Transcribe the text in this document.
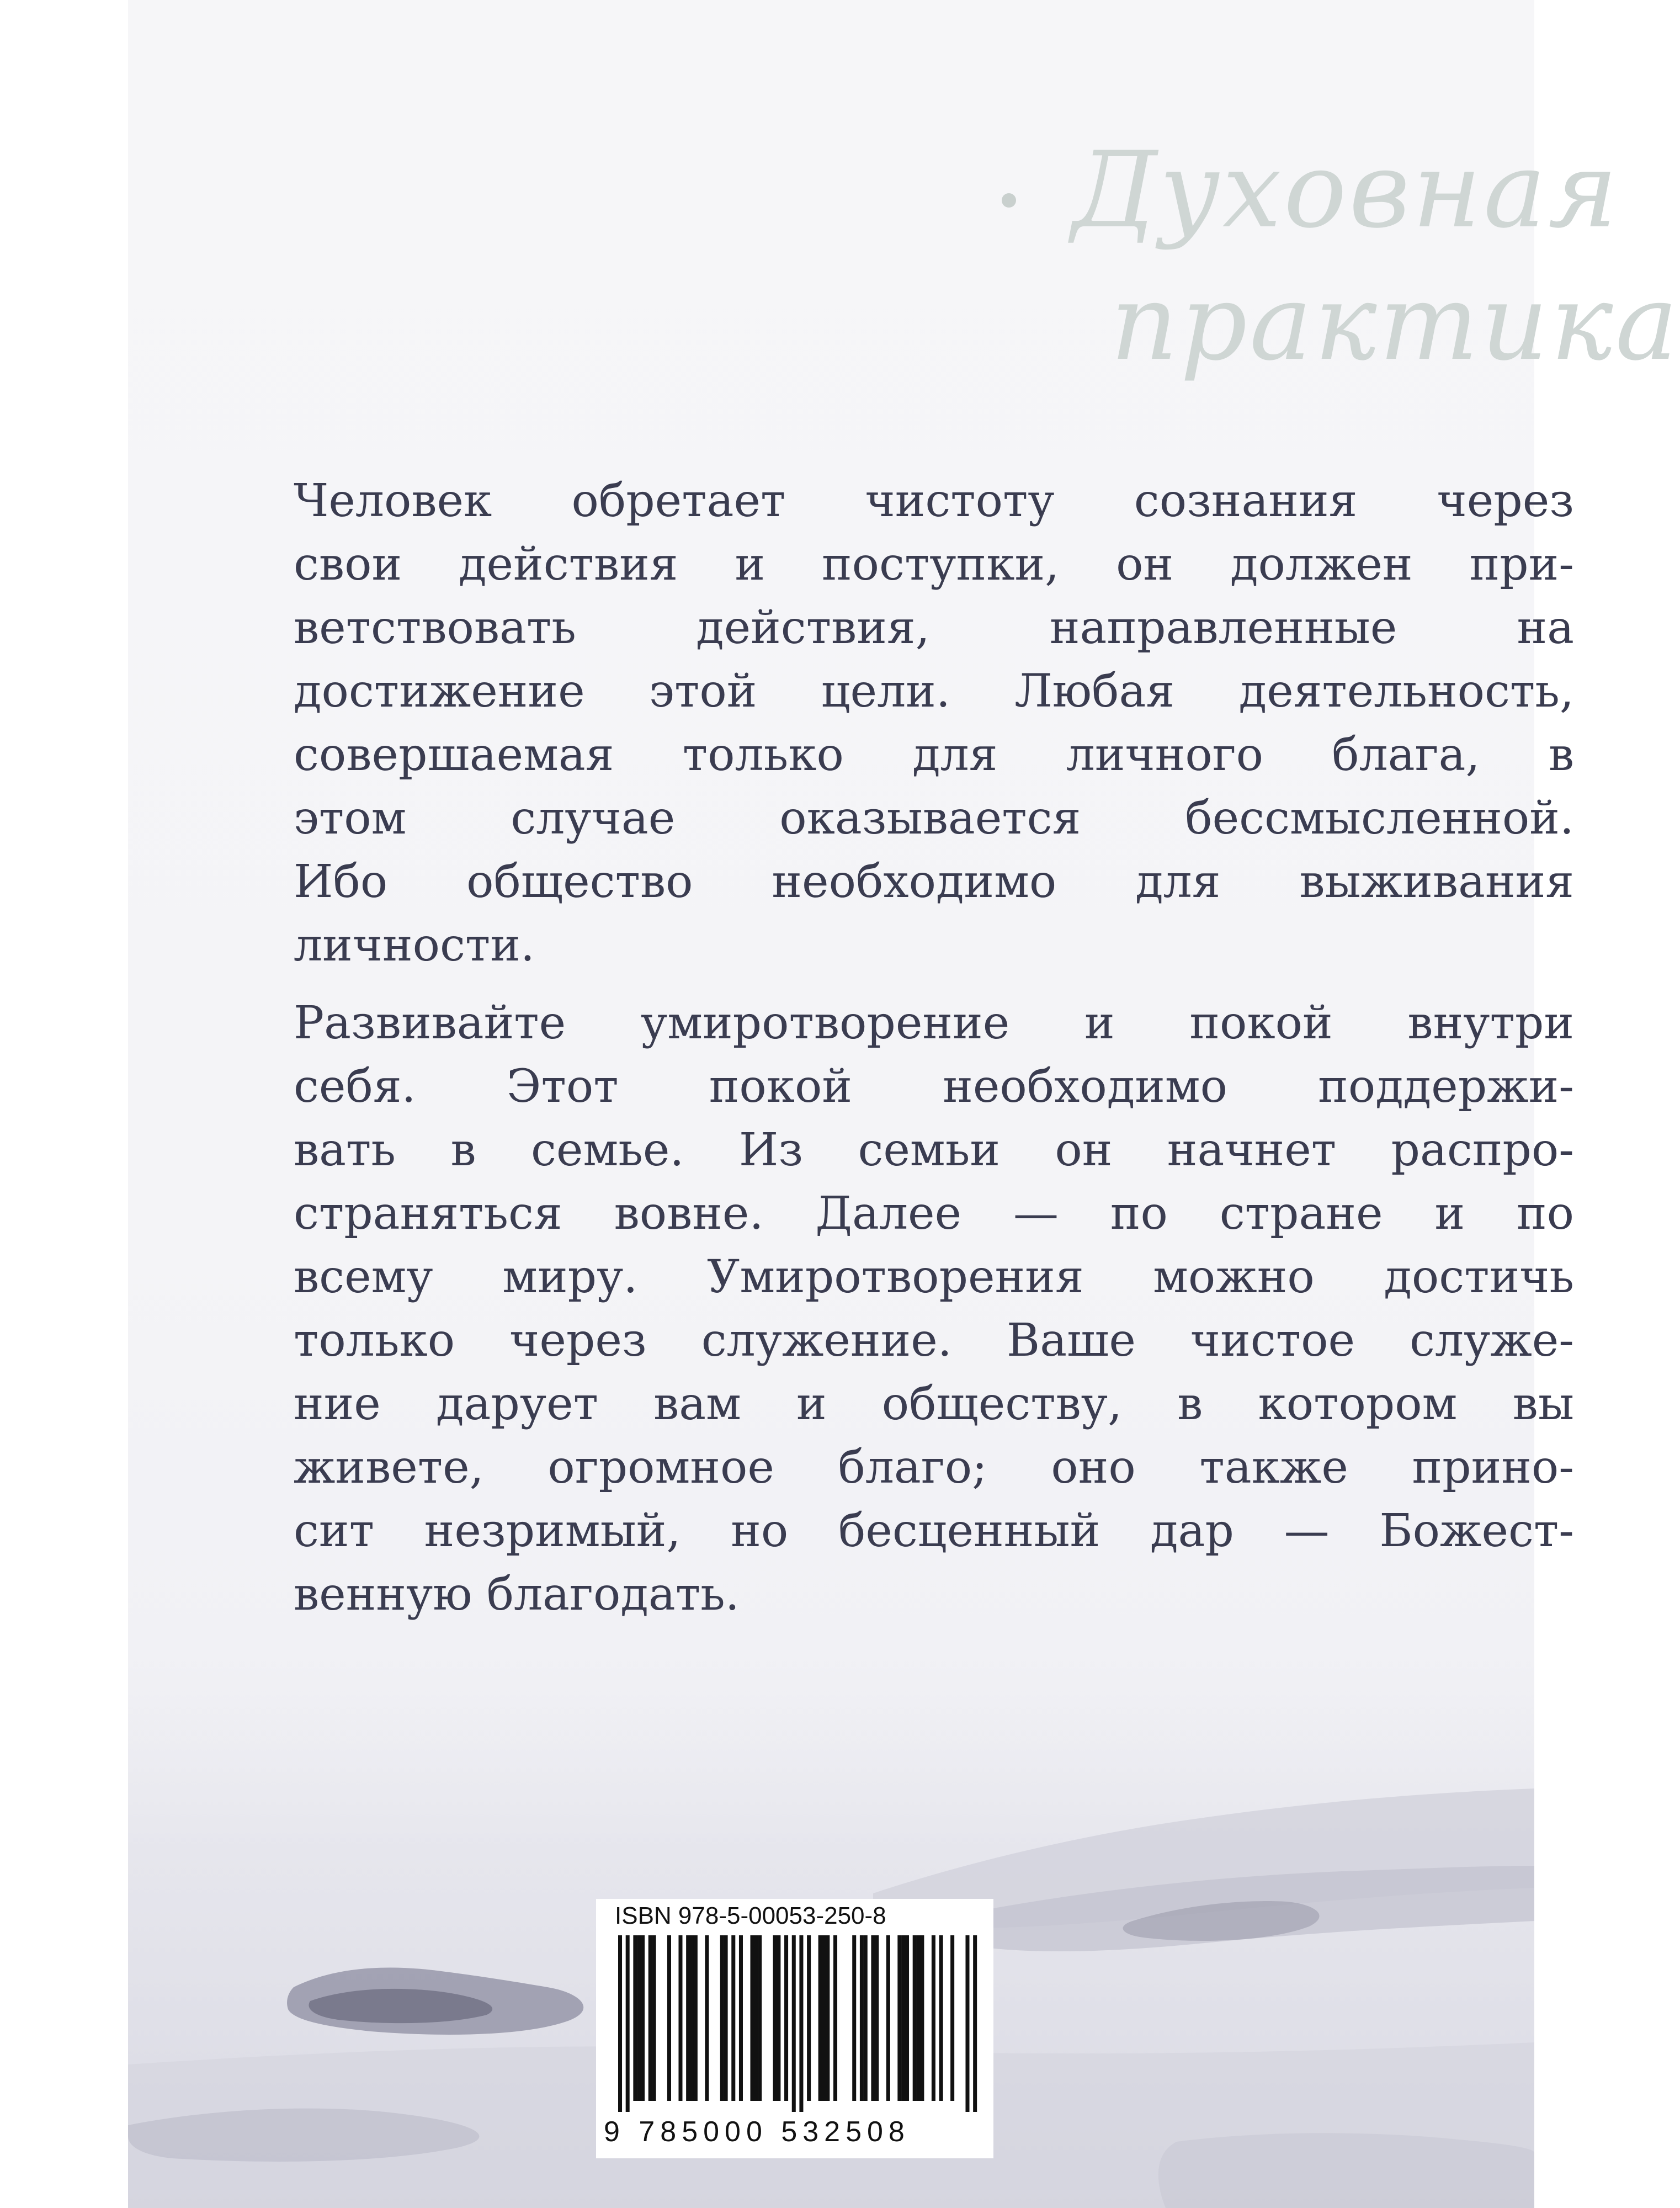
Духовная
практика
Человек обретает чистоту сознания через
свои действия и поступки, он должен при-
ветствовать действия, направленные на
достижение этой цели. Любая деятельность,
совершаемая только для личного блага, в
этом случае оказывается бессмысленной.
Ибо общество необходимо для выживания
личности.
Развивайте умиротворение и покой внутри
себя. Этот покой необходимо поддержи-
вать в семье. Из семьи он начнет распро-
страняться вовне. Далее — по стране и по
всему миру. Умиротворения можно достичь
только через служение. Ваше чистое служе-
ние дарует вам и обществу, в котором вы
живете, огромное благо; оно также прино-
сит незримый, но бесценный дар — Божест-
венную благодать.
ISBN 978-5-00053-250-8
9 785000 532508
